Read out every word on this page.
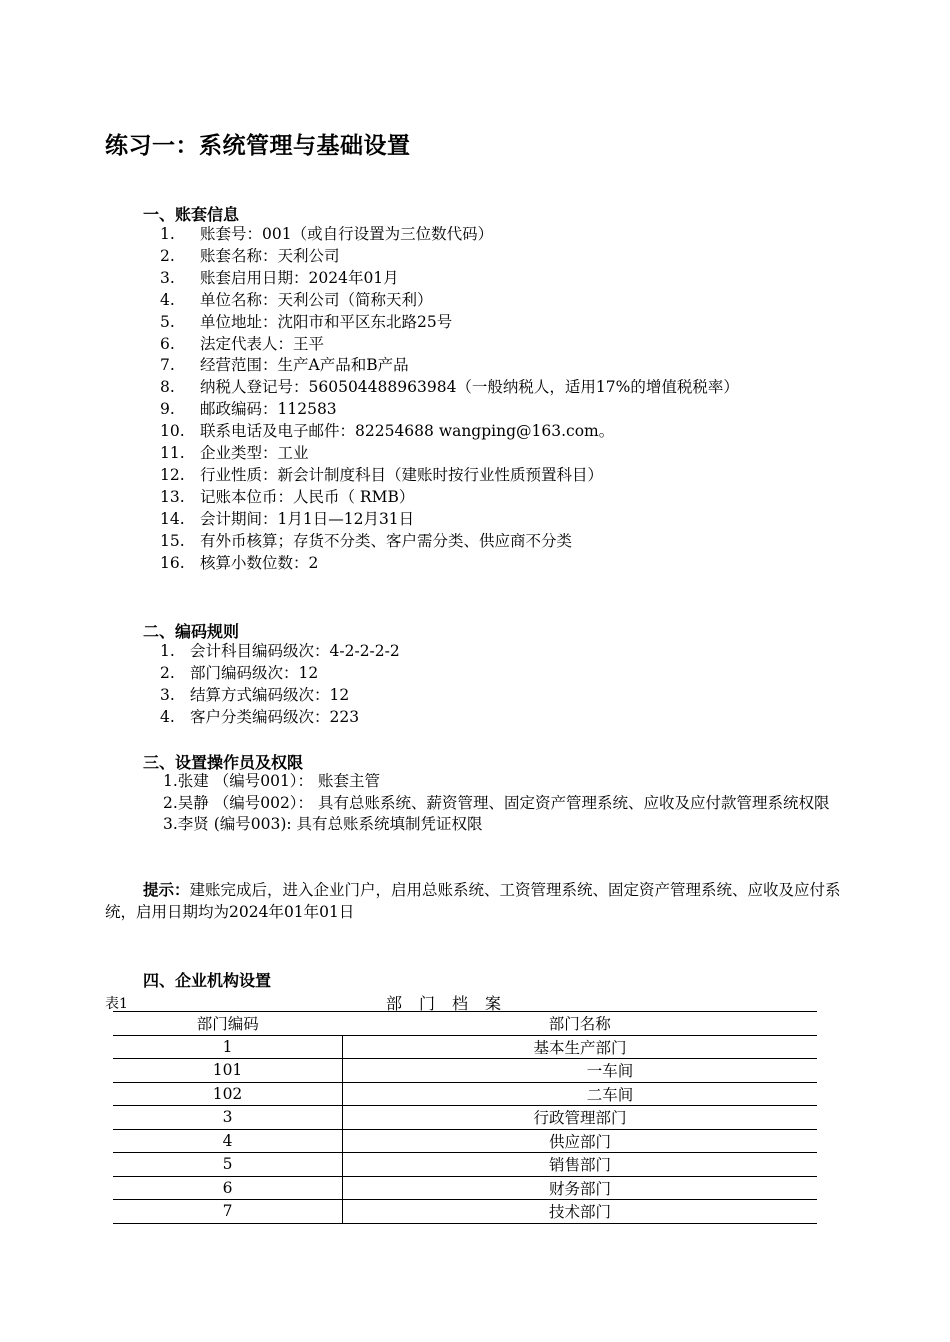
练习一：系统管理与基础设置
一、账套信息
1. 账套号：001（或自行设置为三位数代码）
2. 账套名称：天利公司
3. 账套启用日期：2024年01月
4. 单位名称：天利公司（简称天利）
5. 单位地址：沈阳市和平区东北路25号
6. 法定代表人：王平
7. 经营范围：生产A产品和B产品
8. 纳税人登记号：560504488963984（一般纳税人，适用17%的增值税税率）
9. 邮政编码：112583
10. 联系电话及电子邮件：82254688 wangping@163.com。
11. 企业类型：工业
12. 行业性质：新会计制度科目（建账时按行业性质预置科目）
13. 记账本位币：人民币（ RMB）
14. 会计期间：1月1日—12月31日
15. 有外币核算；存货不分类、客户需分类、供应商不分类
16. 核算小数位数：2
二、编码规则
1. 会计科目编码级次：4-2-2-2-2
2. 部门编码级次：12
3. 结算方式编码级次：12
4. 客户分类编码级次：223
三、设置操作员及权限
1.张建 （编号001）： 账套主管
2.吴静 （编号002）： 具有总账系统、薪资管理、固定资产管理系统、应收及应付款管理系统权限
3.李贤 (编号003): 具有总账系统填制凭证权限
提示：建账完成后，进入企业门户，启用总账系统、工资管理系统、固定资产管理系统、应收及应付系统，启用日期均为2024年01年01日
四、企业机构设置
表1	部 门 档 案
部门编码	部门名称
1	基本生产部门
101	一车间
102	二车间
3	行政管理部门
4	供应部门
5	销售部门
6	财务部门
7	技术部门
